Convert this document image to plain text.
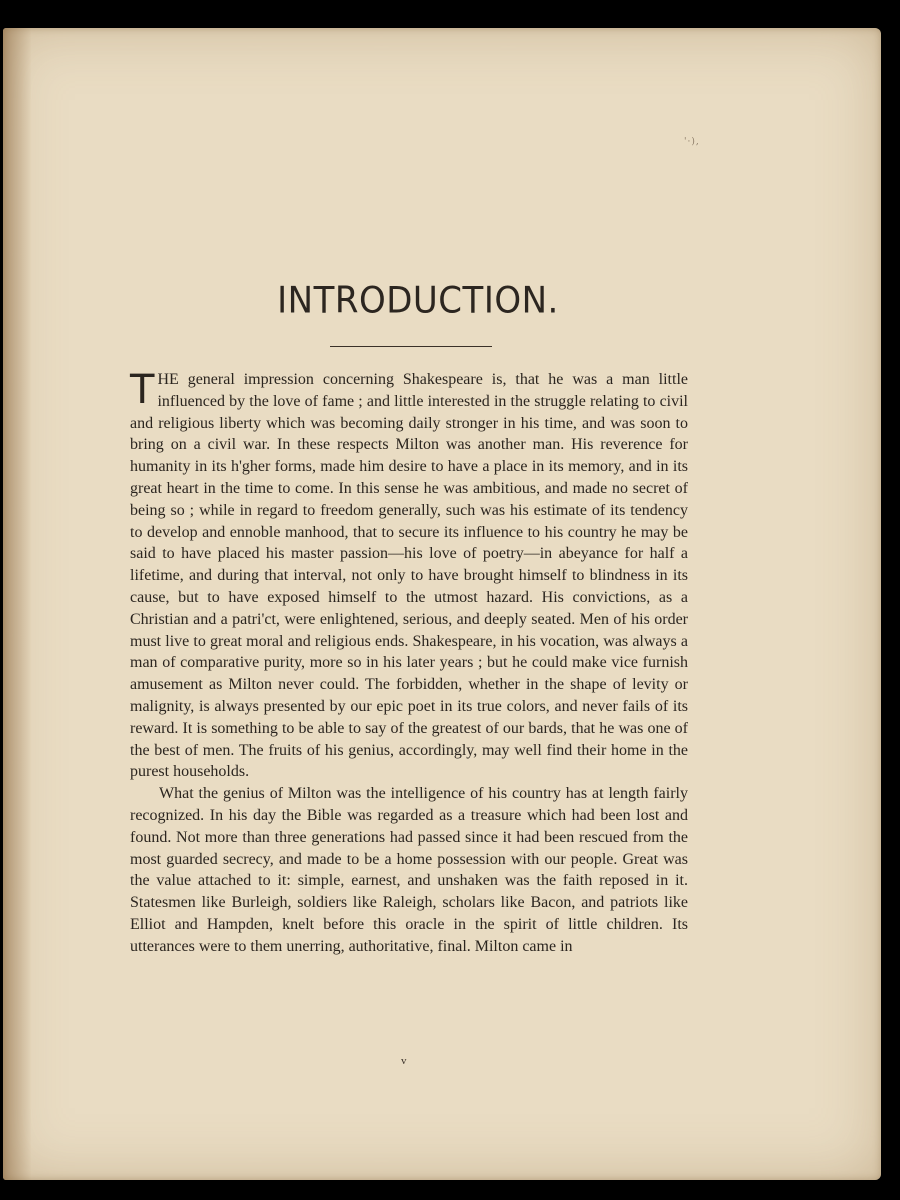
'·),
INTRODUCTION.

THE general impression concerning Shakespeare is, that he was a man little influenced by the love of fame ; and little interested in the struggle relating to civil and religious liberty which was becoming daily stronger in his time, and was soon to bring on a civil war. In these respects Milton was another man. His reverence for humanity in its h'gher forms, made him desire to have a place in its memory, and in its great heart in the time to come. In this sense he was ambitious, and made no secret of being so ; while in regard to freedom generally, such was his estimate of its tendency to develop and ennoble manhood, that to secure its influence to his country he may be said to have placed his master passion—his love of poetry—in abeyance for half a lifetime, and during that interval, not only to have brought himself to blindness in its cause, but to have exposed himself to the utmost hazard. His convictions, as a Christian and a patri'ct, were enlightened, serious, and deeply seated. Men of his order must live to great moral and religious ends. Shakespeare, in his vocation, was always a man of comparative purity, more so in his later years ; but he could make vice furnish amusement as Milton never could. The forbidden, whether in the shape of levity or malignity, is always presented by our epic poet in its true colors, and never fails of its reward. It is something to be able to say of the greatest of our bards, that he was one of the best of men. The fruits of his genius, accordingly, may well find their home in the purest households.

What the genius of Milton was the intelligence of his country has at length fairly recognized. In his day the Bible was regarded as a treasure which had been lost and found. Not more than three generations had passed since it had been rescued from the most guarded secrecy, and made to be a home possession with our people. Great was the value attached to it: simple, earnest, and unshaken was the faith reposed in it. Statesmen like Burleigh, soldiers like Raleigh, scholars like Bacon, and patriots like Elliot and Hampden, knelt before this oracle in the spirit of little children. Its utterances were to them unerring, authoritative, final. Milton came in

v
